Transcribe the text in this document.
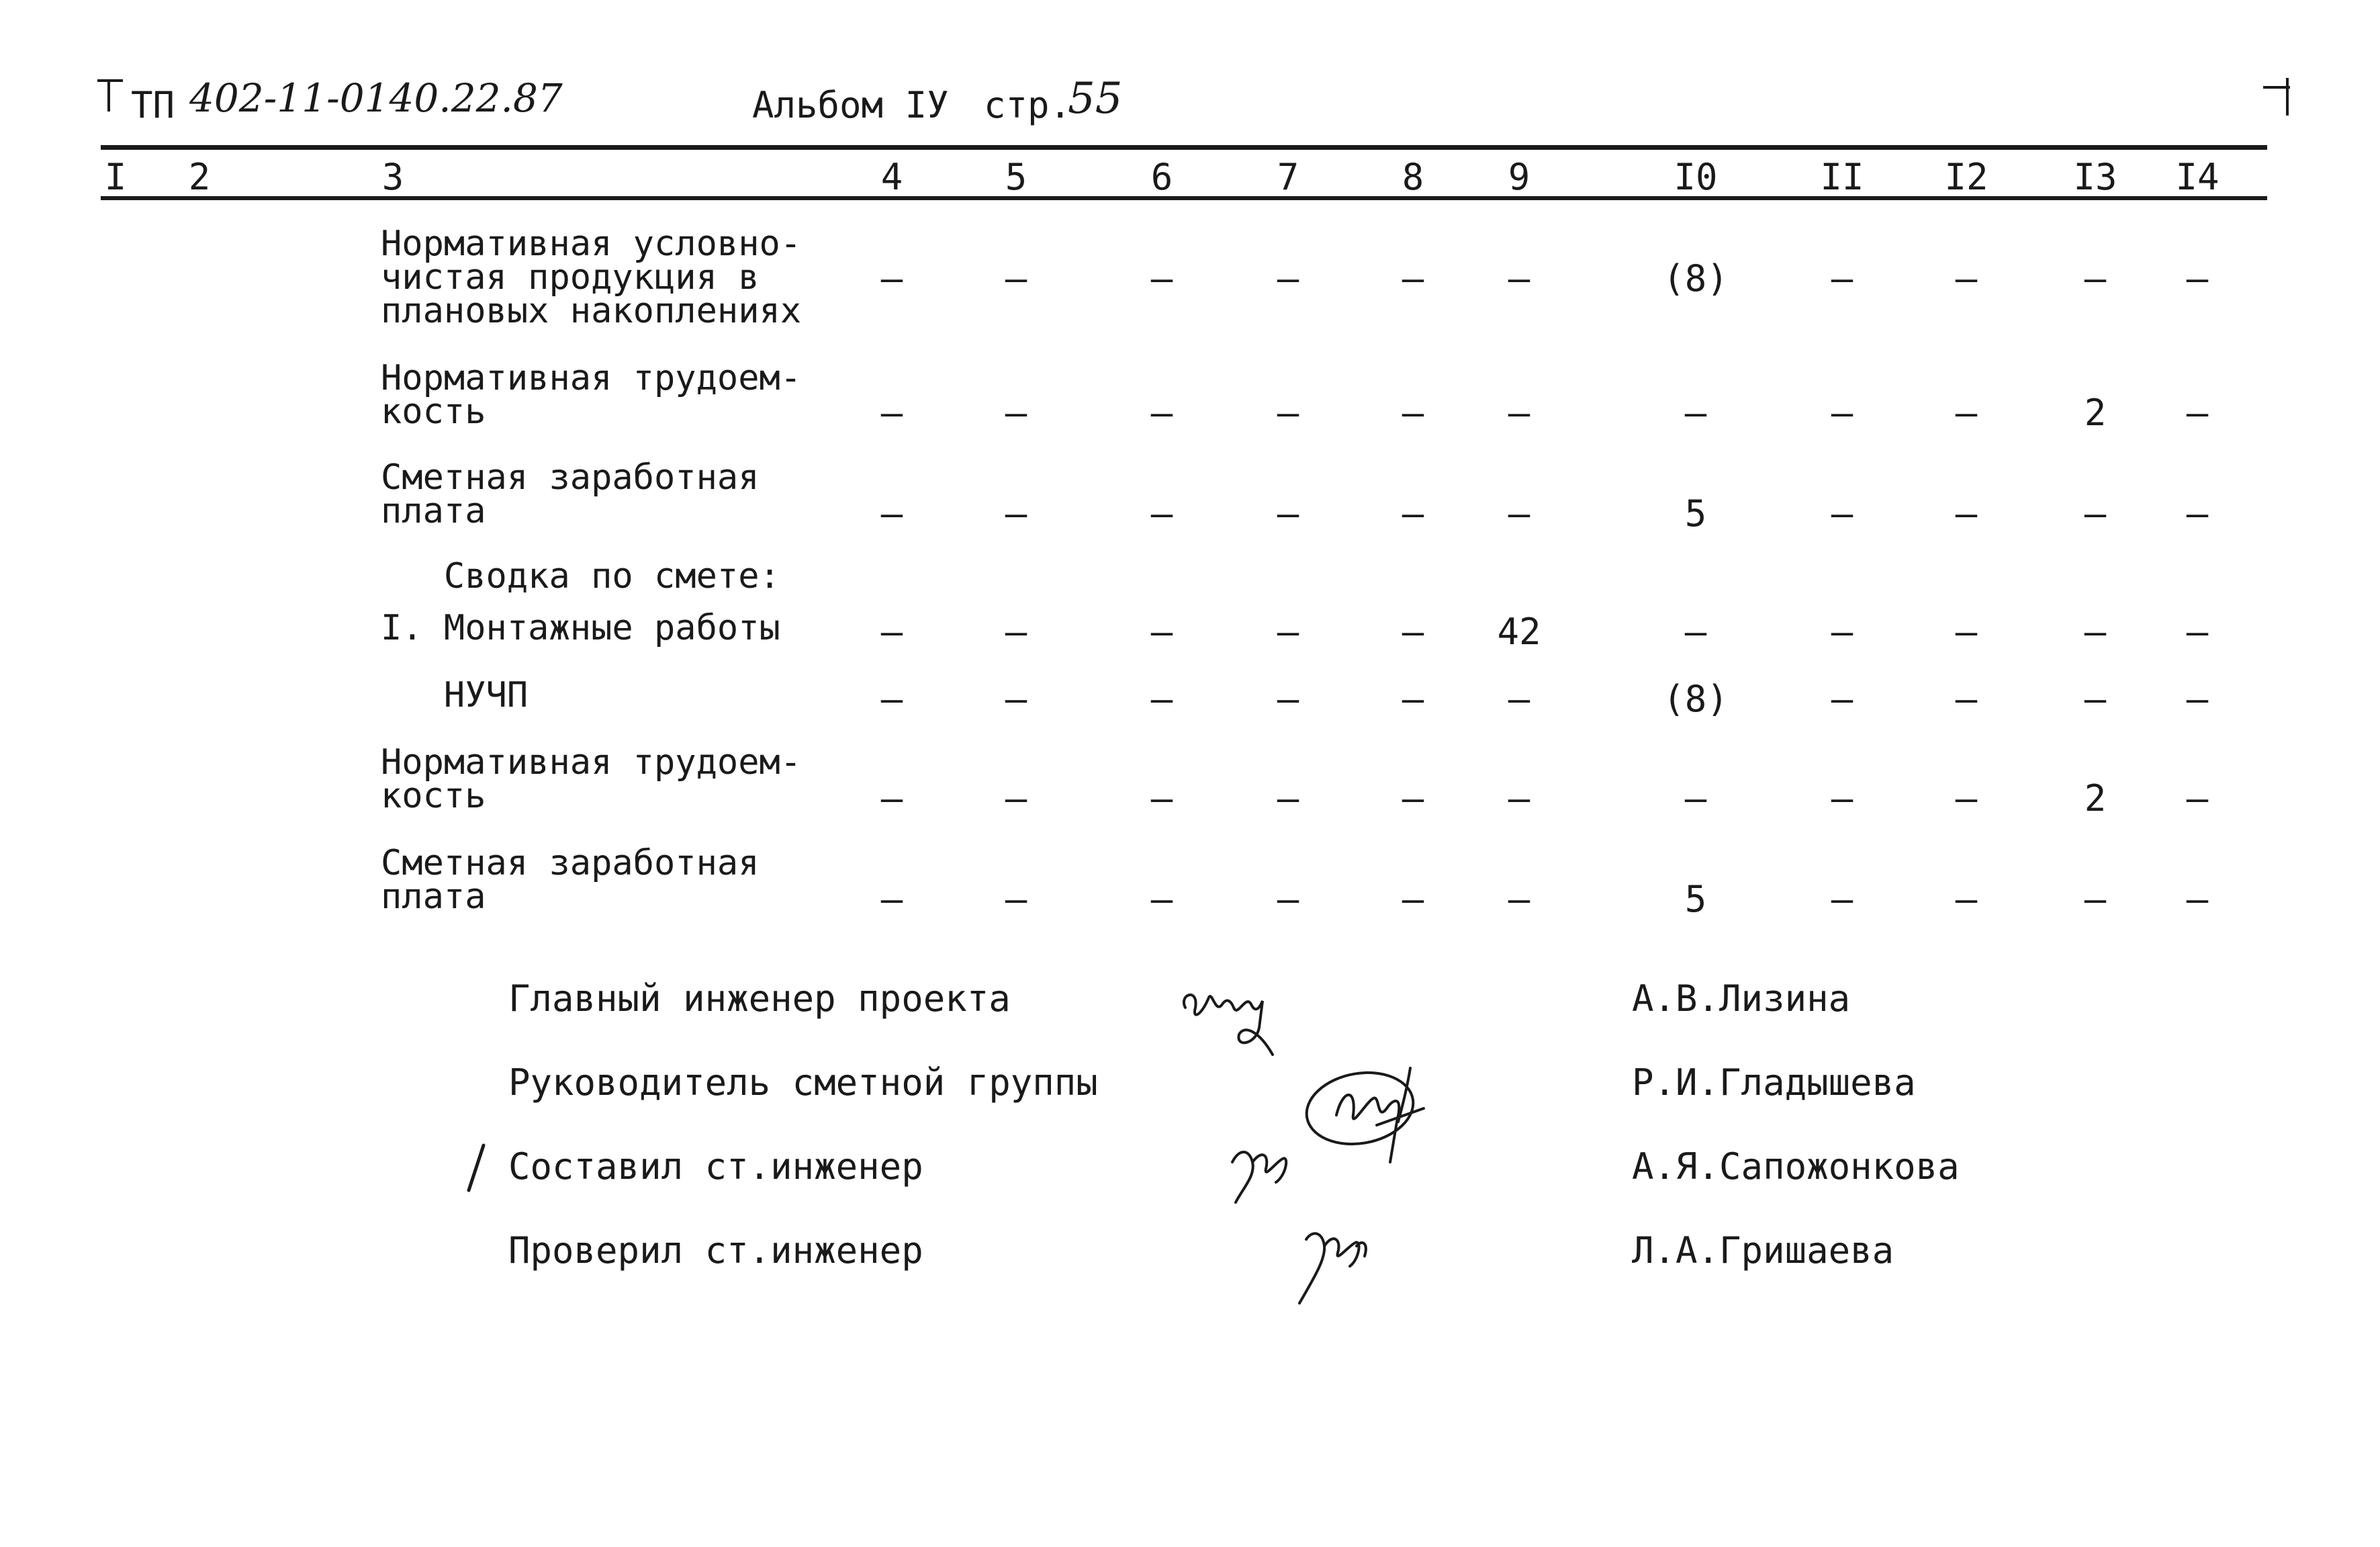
ТП 402-11-0140.22.87	Альбом IУ стр.
55
I	2	3	4	5	6	7	8	9	I0	II	I2	I3	I4
Нормативная условно-
чистая продукция в
плановых накоплениях
–	–	–	–	–	–	(8)	–	–	–	–
Нормативная трудоем-
кость	–	–	–	–	–	–	–	–	–	2	–
Сметная заработная
плата	–	–	–	–	–	–	5	–	–	–	–
Сводка по смете:
I. Монтажные работы	–	–	–	–	–	42	–	–	–	–	–
НУЧП	–	–	–	–	–	–	(8)	–	–	–	–
Нормативная трудоем-
кость	–	–	–	–	–	–	–	–	–	2	–
Сметная заработная
плата	–	–	–	–	–	–	5	–	–	–	–
Главный инженер проекта	А.В.Лизина
Руководитель сметной группы	Р.И.Гладышева
Составил ст.инженер	А.Я.Сапожонкова
Проверил ст.инженер	Л.А.Гришаева
